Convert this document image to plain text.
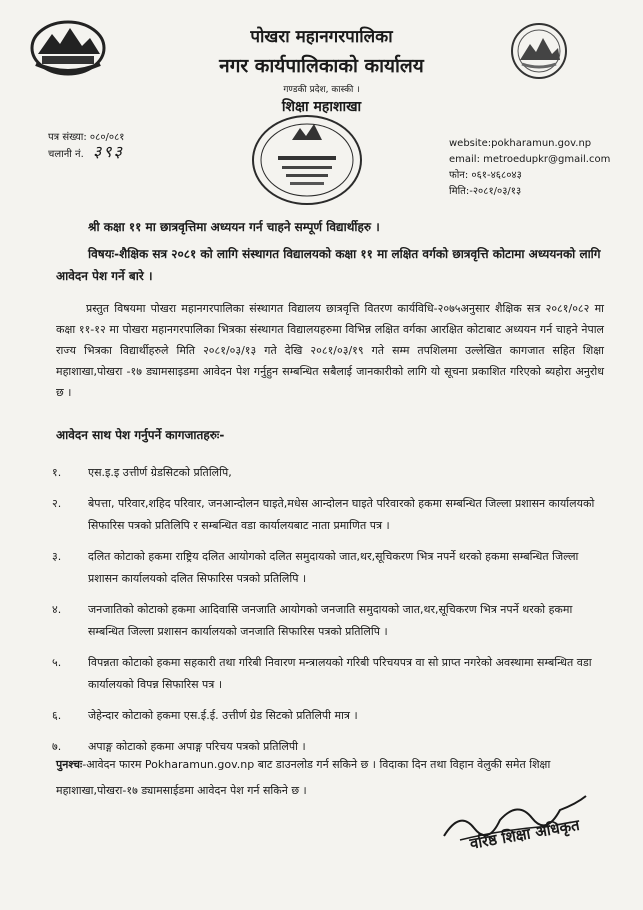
पोखरा महानगरपालिका
नगर कार्यपालिकाको कार्यालय
गण्डकी प्रदेश, कास्की ।
शिक्षा महाशाखा
पत्र संख्या: ०८०/०८१
चलानी नं. ३९३	website:pokharamun.gov.np
email: metroedupkr@gmail.com
फोन: ०६१-४६८०४३
मिति:-२०८१/०३/१३
श्री कक्षा ११ मा छात्रवृत्तिमा अध्ययन गर्न चाहने सम्पूर्ण विद्यार्थीहरु ।
विषयः-शैक्षिक सत्र २०८१ को लागि संस्थागत विद्यालयको कक्षा ११ मा लक्षित वर्गको छात्रवृत्ति कोटामा अध्ययनको लागि आवेदन पेश गर्ने बारे ।
प्रस्तुत विषयमा पोखरा महानगरपालिका संस्थागत विद्यालय छात्रवृत्ति वितरण कार्यविधि-२०७५अनुसार शैक्षिक सत्र २०८१/०८२ मा कक्षा ११-१२ मा पोखरा महानगरपालिका भित्रका संस्थागत विद्यालयहरुमा विभिन्न लक्षित वर्गका आरक्षित कोटाबाट अध्ययन गर्न चाहने नेपाल राज्य भित्रका विद्यार्थीहरुले मिति २०८१/०३/१३ गते देखि २०८१/०३/१९ गते सम्म तपशिलमा उल्लेखित कागजात सहित शिक्षा महाशाखा,पोखरा -१७ ड्यामसाइडमा आवेदन पेश गर्नुहुन सम्बन्धित सबैलाई जानकारीको लागि यो सूचना प्रकाशित गरिएको ब्यहोरा अनुरोध छ ।
आवेदन साथ पेश गर्नुपर्ने कागजातहरुः-
१.	एस.इ.इ उत्तीर्ण ग्रेडसिटको प्रतिलिपि,
२.	बेपत्ता, परिवार,शहिद परिवार, जनआन्दोलन घाइते,मधेस आन्दोलन घाइते परिवारको हकमा सम्बन्धित जिल्ला प्रशासन कार्यालयको सिफारिस पत्रको प्रतिलिपि र सम्बन्धित वडा कार्यालयबाट नाता प्रमाणित पत्र ।
३.	दलित कोटाको हकमा राष्ट्रिय दलित आयोगको दलित समुदायको जात,थर,सूचिकरण भित्र नपर्ने थरको हकमा सम्बन्धित जिल्ला प्रशासन कार्यालयको दलित सिफारिस पत्रको प्रतिलिपि ।
४.	जनजातिको कोटाको हकमा आदिवासि जनजाति आयोगको जनजाति समुदायको जात,थर,सूचिकरण भित्र नपर्ने थरको हकमा सम्बन्धित जिल्ला प्रशासन कार्यालयको जनजाति सिफारिस पत्रको प्रतिलिपि ।
५.	विपन्नता कोटाको हकमा सहकारी तथा गरिबी निवारण मन्त्रालयको गरिबी परिचयपत्र वा सो प्राप्त नगरेको अवस्थामा सम्बन्धित वडा कार्यालयको विपन्न सिफारिस पत्र ।
६.	जेहेन्दार कोटाको हकमा एस.ई.ई. उत्तीर्ण ग्रेड सिटको प्रतिलिपी मात्र ।
७.	अपाङ्ग कोटाको हकमा अपाङ्ग परिचय पत्रको प्रतिलिपी ।
पुनश्चः-आवेदन फारम Pokharamun.gov.np बाट डाउनलोड गर्न सकिने छ । विदाका दिन तथा विहान वेलुकी समेत शिक्षा महाशाखा,पोखरा-१७ ड्यामसाईडमा आवेदन पेश गर्न सकिने छ ।
वरिष्ठ शिक्षा अधिकृत
